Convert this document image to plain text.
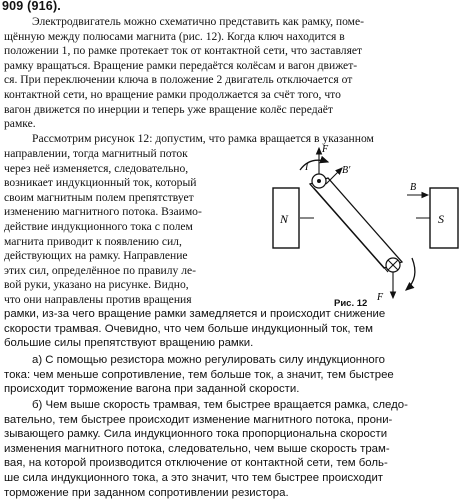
909 (916).
Электродвигатель можно схематично представить как рамку, поме-
щённую между полюсами магнита (рис. 12). Когда ключ находится в
положении 1, по рамке протекает ток от контактной сети, что заставляет
рамку вращаться. Вращение рамки передаётся колёсам и вагон движет-
ся. При переключении ключа в положение 2 двигатель отключается от
контактной сети, но вращение рамки продолжается за счёт того, что
вагон движется по инерции и теперь уже вращение колёс передаёт
рамке.
Рассмотрим рисунок 12: допустим, что рамка вращается в указанном
направлении, тогда магнитный поток
через неё изменяется, следовательно,
возникает индукционный ток, который
своим магнитным полем препятствует
изменению магнитного потока. Взаимо-
действие индукционного тока с полем
магнита приводит к появлению сил,
действующих на рамку. Направление
этих сил, определённое по правилу ле-
вой руки, указано на рисунке. Видно,
что они направлены против вращения
рамки, из-за чего вращение рамки замедляется и происходит снижение
скорости трамвая. Очевидно, что чем больше индукционный ток, тем
большие силы препятствуют вращению рамки.
а) С помощью резистора можно регулировать силу индукционного
тока: чем меньше сопротивление, тем больше ток, а значит, тем быстрее
происходит торможение вагона при заданной скорости.
б) Чем выше скорость трамвая, тем быстрее вращается рамка, следо-
вательно, тем быстрее происходит изменение магнитного потока, прони-
зывающего рамку. Сила индукционного тока пропорциональна скорости
изменения магнитного потока, следовательно, чем выше скорость трам-
вая, на которой производится отключение от контактной сети, тем боль-
ше сила индукционного тока, а это значит, что тем быстрее происходит
торможение при заданном сопротивлении резистора.
N	S
F
F
I
B
B′
Рис. 12
